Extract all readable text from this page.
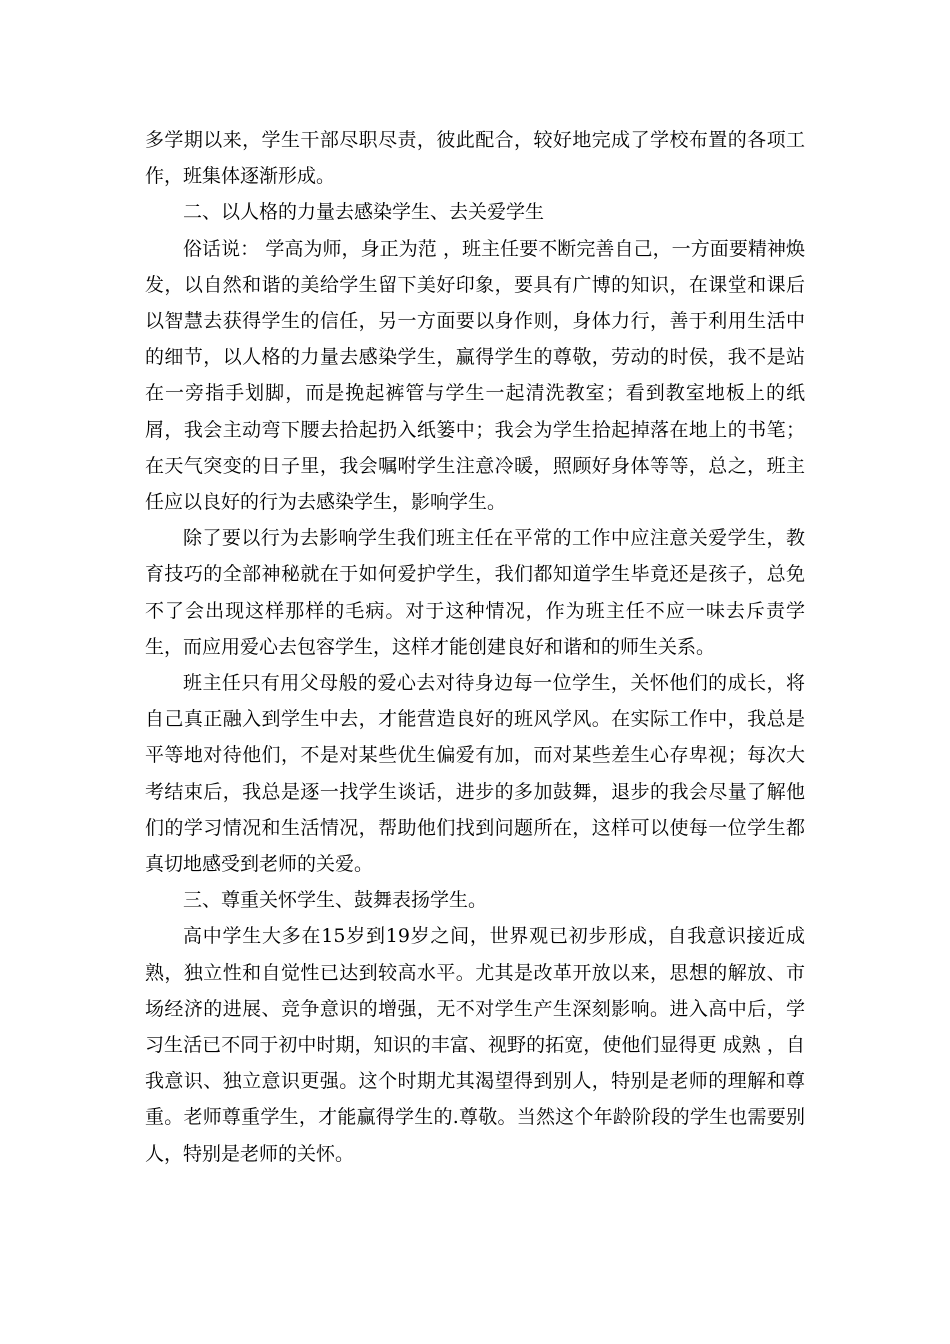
多学期以来，学生干部尽职尽责，彼此配合，较好地完成了学校布置的各项工作，班集体逐渐形成。

二、以人格的力量去感染学生、去关爱学生

俗话说： 学高为师，身正为范 ，班主任要不断完善自己，一方面要精神焕发，以自然和谐的美给学生留下美好印象，要具有广博的知识，在课堂和课后以智慧去获得学生的信任，另一方面要以身作则，身体力行，善于利用生活中的细节，以人格的力量去感染学生，赢得学生的尊敬，劳动的时侯，我不是站在一旁指手划脚，而是挽起裤管与学生一起清洗教室；看到教室地板上的纸屑，我会主动弯下腰去拾起扔入纸篓中；我会为学生拾起掉落在地上的书笔；在天气突变的日子里，我会嘱咐学生注意冷暖，照顾好身体等等，总之，班主任应以良好的行为去感染学生，影响学生。

除了要以行为去影响学生我们班主任在平常的工作中应注意关爱学生，教育技巧的全部神秘就在于如何爱护学生，我们都知道学生毕竟还是孩子，总免不了会出现这样那样的毛病。对于这种情况，作为班主任不应一味去斥责学生，而应用爱心去包容学生，这样才能创建良好和谐和的师生关系。

班主任只有用父母般的爱心去对待身边每一位学生，关怀他们的成长，将自己真正融入到学生中去，才能营造良好的班风学风。在实际工作中，我总是平等地对待他们，不是对某些优生偏爱有加，而对某些差生心存卑视；每次大考结束后，我总是逐一找学生谈话，进步的多加鼓舞，退步的我会尽量了解他们的学习情况和生活情况，帮助他们找到问题所在，这样可以使每一位学生都真切地感受到老师的关爱。

三、尊重关怀学生、鼓舞表扬学生。

高中学生大多在15岁到19岁之间，世界观已初步形成，自我意识接近成熟，独立性和自觉性已达到较高水平。尤其是改革开放以来，思想的解放、市场经济的进展、竞争意识的增强，无不对学生产生深刻影响。进入高中后，学习生活已不同于初中时期，知识的丰富、视野的拓宽，使他们显得更 成熟 ，自我意识、独立意识更强。这个时期尤其渴望得到别人，特别是老师的理解和尊重。老师尊重学生，才能赢得学生的.尊敬。当然这个年龄阶段的学生也需要别人，特别是老师的关怀。
